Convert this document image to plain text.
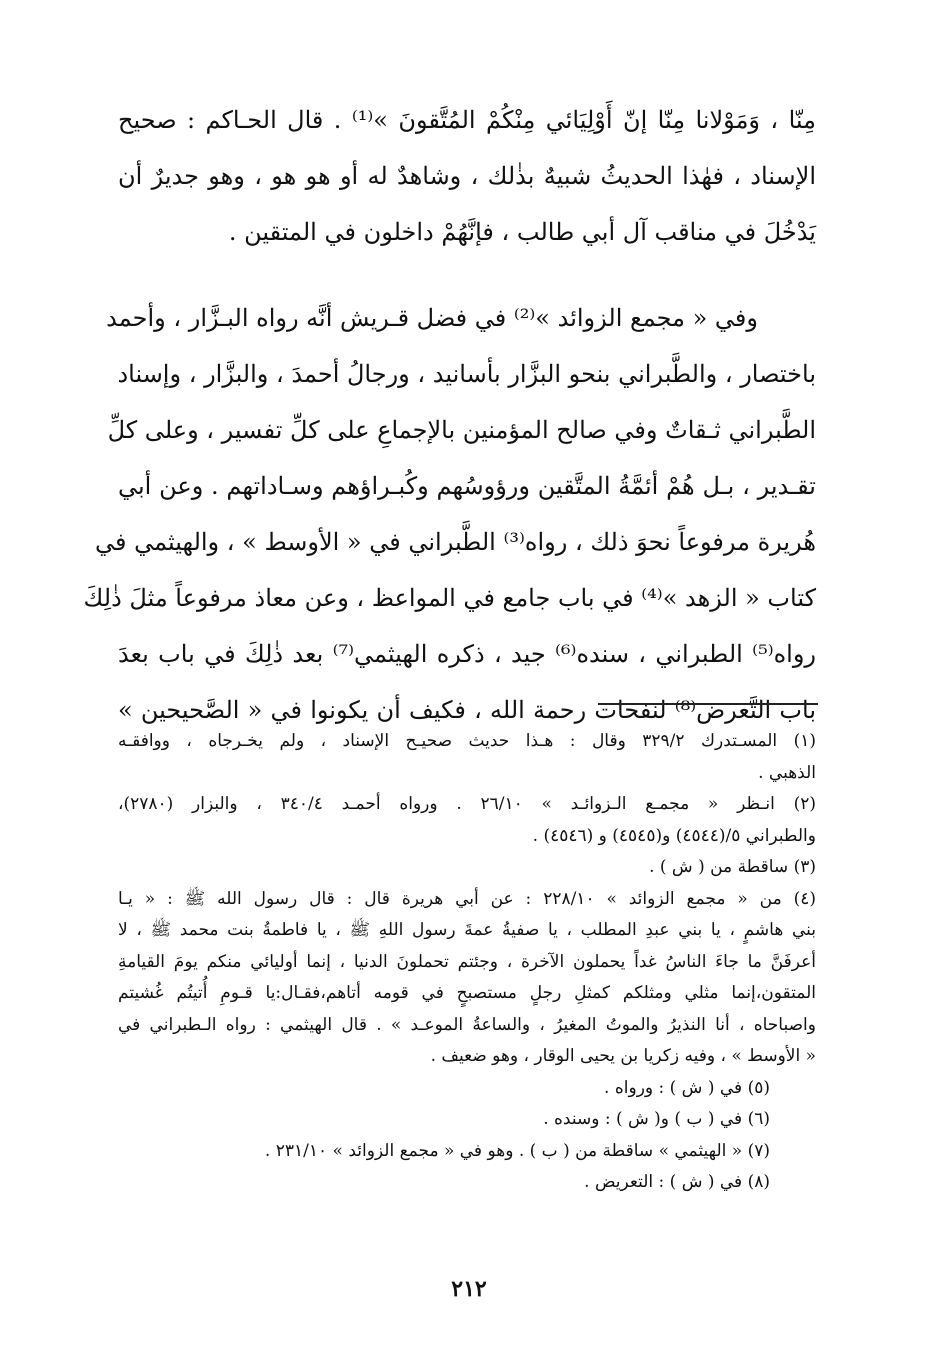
مِنّا ، وَمَوْلانا مِنّا إنّ أَوْلِيَائي مِنْكُمْ المُتَّقونَ »⁽¹⁾ . قال الحـاكم : صحيح
الإسناد ، فهٰذا الحديثُ شبيهٌ بذٰلك ، وشاهدٌ له أو هو هو ، وهو جديرٌ أن
يَدْخُلَ في مناقب آل أبي طالب ، فإنَّهُمْ داخلون في المتقين .

وفي « مجمع الزوائد »⁽²⁾ في فضل قـريش أنَّه رواه البـزَّار ، وأحمد
باختصار ، والطَّبراني بنحو البزَّار بأسانيد ، ورجالُ أحمدَ ، والبزَّار ، وإسناد
الطَّبراني ثـقاتٌ وفي صالح المؤمنين بالإجماعِ على كلِّ تفسير ، وعلى كلِّ
تقـدير ، بـل هُمْ أئمَّةُ المتَّقين ورؤوسُهم وكُبـراؤهم وسـاداتهم . وعن أبي
هُريرة مرفوعاً نحوَ ذلك ، رواه⁽³⁾ الطَّبراني في « الأوسط » ، والهيثمي في
كتاب « الزهد »⁽⁴⁾ في باب جامع في المواعظ ، وعن معاذ مرفوعاً مثلَ ذٰلِكَ
رواه⁽⁵⁾ الطبراني ، سنده⁽⁶⁾ جيد ، ذكره الهيثمي⁽⁷⁾ بعد ذٰلِكَ في باب بعدَ
باب التَّعرض⁽⁸⁾ لنفحات رحمة الله ، فكيف أن يكونوا في « الصَّحيحين »

(١) المسـتدرك ٣٢٩/٢ وقال : هـذا حديث صحيـح الإسناد ، ولم يخـرجاه ، ووافقـه
الذهبي .
(٢) انـظر « مجمـع الـزوائـد » ٢٦/١٠ . ورواه أحمـد ٣٤٠/٤ ، والبزار (٢٧٨٠)،
والطبراني ٥/(٤٥٤٤) و(٤٥٤٥) و (٤٥٤٦) .
(٣) ساقطة من ( ش ) .
(٤) من « مجمع الزوائد » ٢٢٨/١٠ : عن أبي هريرة قال : قال رسول الله ﷺ : « يـا
بني هاشمٍ ، يا بني عبدِ المطلب ، يا صفيةُ عمةَ رسول اللهِ ﷺ ، يا فاطمةُ بنت محمد ﷺ ، لا
أعرفَنَّ ما جاءَ الناسُ غداً يحملون الآخرة ، وجئتم تحملونَ الدنيا ، إنما أوليائي منكم يومَ القيامةِ
المتقون،إنما مثلي ومثلكم كمثلِ رجلٍ مستصبحٍ في قومه أتاهم،فقـال:يا قـومِ أُتيتُم غُشيتم
واصباحاه ، أنا النذيرُ والموتُ المغيرُ ، والساعةُ الموعـد » . قال الهيثمي : رواه الـطبراني في
« الأوسط » ، وفيه زكريا بن يحيى الوقار ، وهو ضعيف .
(٥) في ( ش ) : ورواه .
(٦) في ( ب ) و( ش ) : وسنده .
(٧) « الهيثمي » ساقطة من ( ب ) . وهو في « مجمع الزوائد » ٢٣١/١٠ .
(٨) في ( ش ) : التعريض .
٢١٢
